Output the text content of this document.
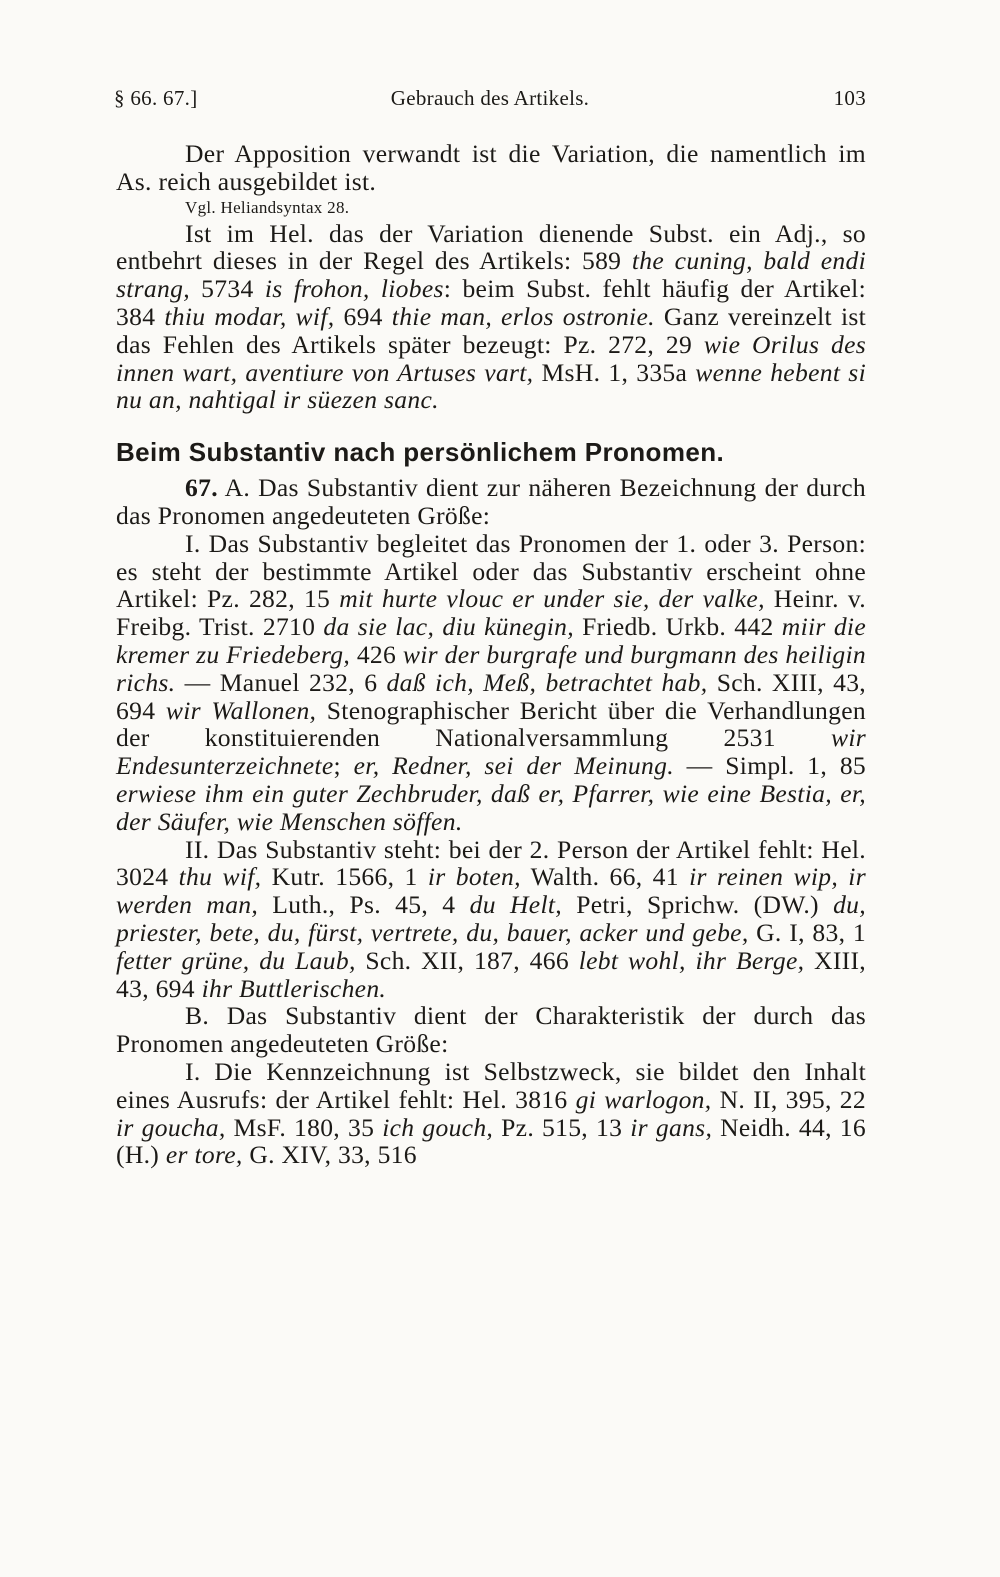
§ 66. 67.]	Gebrauch des Artikels.	103

Der Apposition verwandt ist die Variation, die namentlich im As. reich ausgebildet ist.

Vgl. Heliandsyntax 28.

Ist im Hel. das der Variation dienende Subst. ein Adj., so entbehrt dieses in der Regel des Artikels: 589 the cuning, bald endi strang, 5734 is frohon, liobes: beim Subst. fehlt häufig der Artikel: 384 thiu modar, wif, 694 thie man, erlos ostronie. Ganz vereinzelt ist das Fehlen des Artikels später bezeugt: Pz. 272, 29 wie Orilus des innen wart, aventiure von Artuses vart, MsH. 1, 335a wenne hebent si nu an, nahtigal ir süezen sanc.

Beim Substantiv nach persönlichem Pronomen.

67. A. Das Substantiv dient zur näheren Bezeichnung der durch das Pronomen angedeuteten Größe:

I. Das Substantiv begleitet das Pronomen der 1. oder 3. Person: es steht der bestimmte Artikel oder das Substantiv erscheint ohne Artikel: Pz. 282, 15 mit hurte vlouc er under sie, der valke, Heinr. v. Freibg. Trist. 2710 da sie lac, diu künegin, Friedb. Urkb. 442 miir die kremer zu Friedeberg, 426 wir der burgrafe und burgmann des heiligin richs. — Manuel 232, 6 daß ich, Meß, betrachtet hab, Sch. XIII, 43, 694 wir Wallonen, Stenographischer Bericht über die Verhandlungen der konstituierenden Nationalversammlung 2531 wir Endesunterzeichnete; er, Redner, sei der Meinung. — Simpl. 1, 85 erwiese ihm ein guter Zechbruder, daß er, Pfarrer, wie eine Bestia, er, der Säufer, wie Menschen söffen.

II. Das Substantiv steht: bei der 2. Person der Artikel fehlt: Hel. 3024 thu wif, Kutr. 1566, 1 ir boten, Walth. 66, 41 ir reinen wip, ir werden man, Luth., Ps. 45, 4 du Helt, Petri, Sprichw. (DW.) du, priester, bete, du, fürst, vertrete, du, bauer, acker und gebe, G. I, 83, 1 fetter grüne, du Laub, Sch. XII, 187, 466 lebt wohl, ihr Berge, XIII, 43, 694 ihr Buttlerischen.

B. Das Substantiv dient der Charakteristik der durch das Pronomen angedeuteten Größe:

I. Die Kennzeichnung ist Selbstzweck, sie bildet den Inhalt eines Ausrufs: der Artikel fehlt: Hel. 3816 gi warlogon, N. II, 395, 22 ir goucha, MsF. 180, 35 ich gouch, Pz. 515, 13 ir gans, Neidh. 44, 16 (H.) er tore, G. XIV, 33, 516
